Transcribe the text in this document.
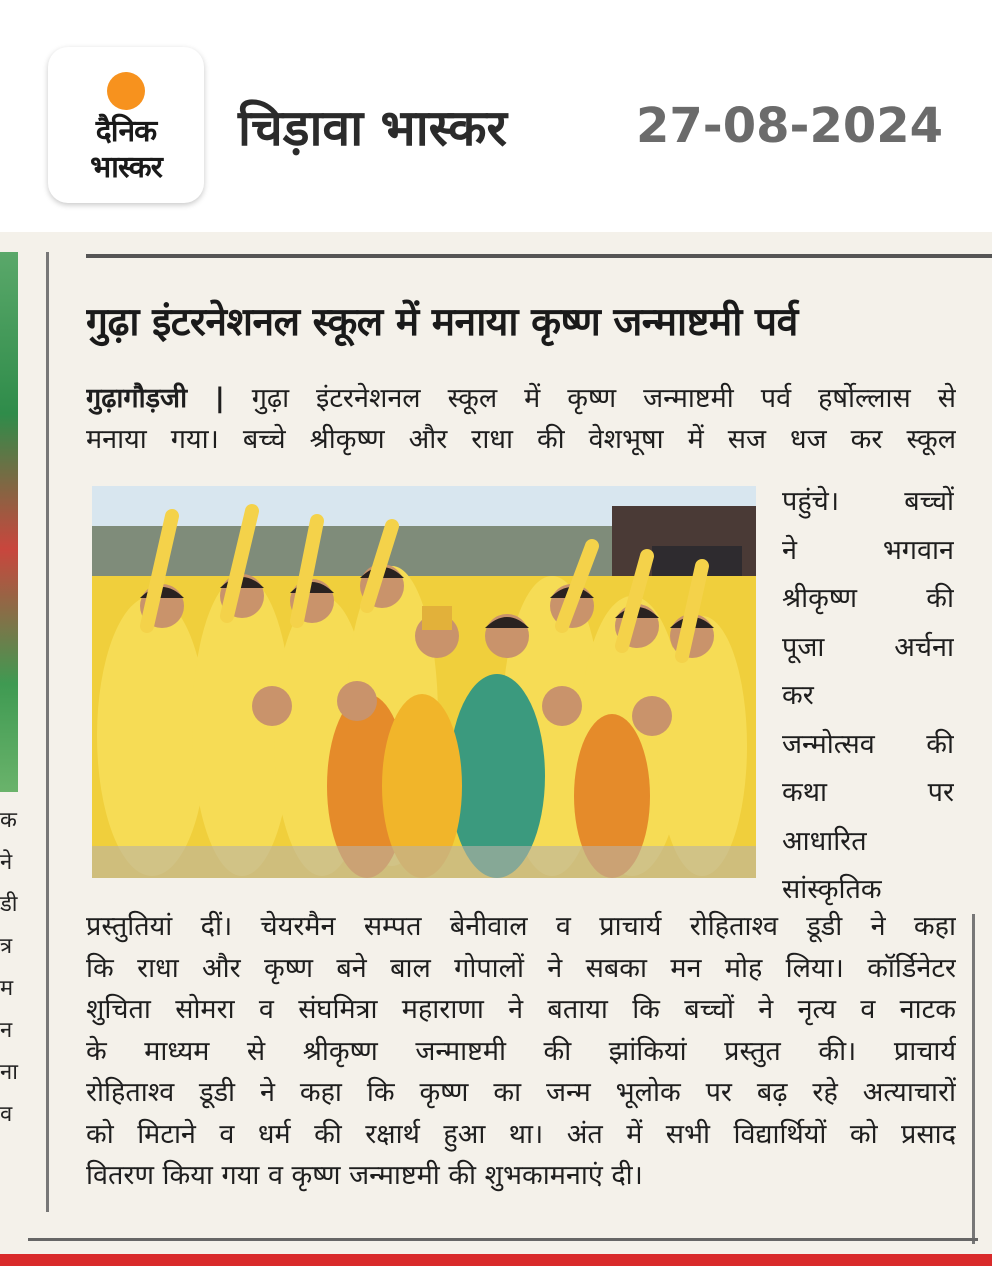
दैनिक
भास्कर
चिड़ावा भास्कर	27-08-2024
क
ने
डी
त्र
म
न
ना
व
गुढ़ा इंटरनेशनल स्कूल में मनाया कृष्ण जन्माष्टमी पर्व
गुढ़ागौड़जी | गुढ़ा इंटरनेशनल स्कूल में कृष्ण जन्माष्टमी पर्व हर्षोल्लास से
मनाया गया। बच्चे श्रीकृष्ण और राधा की वेशभूषा में सज धज कर स्कूल
पहुंचे। बच्चों
ने भगवान
श्रीकृष्ण की
पूजा अर्चना
कर
जन्मोत्सव की
कथा पर
आधारित
सांस्कृतिक
प्रस्तुतियां दीं। चेयरमैन सम्पत बेनीवाल व प्राचार्य रोहिताश्व डूडी ने कहा
कि राधा और कृष्ण बने बाल गोपालों ने सबका मन मोह लिया। कॉर्डिनेटर
शुचिता सोमरा व संघमित्रा महाराणा ने बताया कि बच्चों ने नृत्य व नाटक
के माध्यम से श्रीकृष्ण जन्माष्टमी की झांकियां प्रस्तुत की। प्राचार्य
रोहिताश्व डूडी ने कहा कि कृष्ण का जन्म भूलोक पर बढ़ रहे अत्याचारों
को मिटाने व धर्म की रक्षार्थ हुआ था। अंत में सभी विद्यार्थियों को प्रसाद
वितरण किया गया व कृष्ण जन्माष्टमी की शुभकामनाएं दी।
